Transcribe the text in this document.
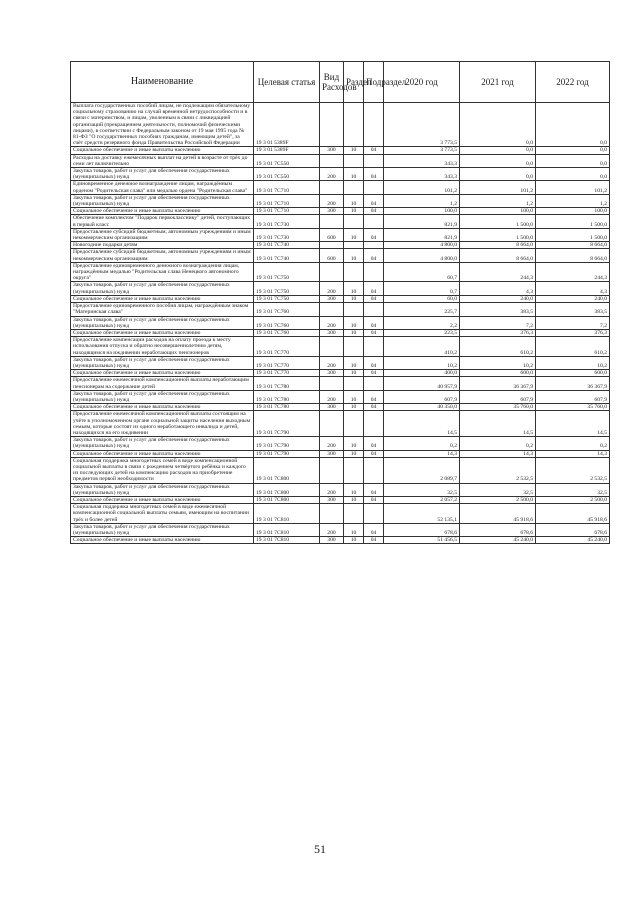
Наименование	Целевая статья	Вид Расходов	Раздел	Подраздел	2020 год	2021 год	2022 год
Выплата государственных пособий лицам, не подлежащим обязательному социальному страхованию на случай временной нетрудоспособности и в связи с материнством, и лицам, уволенным в связи с ликвидацией организаций (прекращением деятельности, полномочий физическими лицами), в соответствии с Федеральным законом от 19 мая 1995 года № 81-ФЗ "О государственных пособиях гражданам, имеющим детей", за счёт средств резервного фонда Правительства Российской Федерации	19 3 01 5389F				3 773,5	0,0	0,0
Социальное обеспечение и иные выплаты населению	19 3 01 5389F	300	10	04	3 773,5	0,0	0,0
Расходы на доставку ежемесячных выплат на детей в возрасте от трёх до семи лет включительно	19 3 01 7C550				343,3	0,0	0,0
Закупка товаров, работ и услуг для обеспечения государственных (муниципальных) нужд	19 3 01 7C550	200	10	04	343,3	0,0	0,0
Единовременное денежное вознаграждение лицам, награждённым орденом "Родительская слава" или медалью ордена "Родительская слава"	19 3 01 7C710				101,2	101,2	101,2
Закупка товаров, работ и услуг для обеспечения государственных (муниципальных) нужд	19 3 01 7C710	200	10	04	1,2	1,2	1,2
Социальное обеспечение и иные выплаты населению	19 3 01 7C710	300	10	04	100,0	100,0	100,0
Обеспечение комплектом "Подарок первокласснику" детей, поступающих в первый класс	19 3 01 7C730				821,9	1 500,0	1 500,0
Предоставление субсидий бюджетным, автономным учреждениям и иным некоммерческим организациям	19 3 01 7C730	600	10	04	821,9	1 500,0	1 500,0
Новогодние подарки детям	19 3 01 7C740				4 800,0	8 664,0	8 664,0
Предоставление субсидий бюджетным, автономным учреждениям и иным некоммерческим организациям	19 3 01 7C740	600	10	04	4 800,0	8 664,0	8 664,0
Предоставление единовременного денежного вознаграждения лицам, награждённым медалью "Родительская слава Ненецкого автономного округа"	19 3 01 7C750				60,7	244,3	244,3
Закупка товаров, работ и услуг для обеспечения государственных (муниципальных) нужд	19 3 01 7C750	200	10	04	0,7	4,3	4,3
Социальное обеспечение и иные выплаты населению	19 3 01 7C750	300	10	04	60,0	240,0	240,0
Предоставление единовременного пособия лицам, награждённым знаком "Материнская слава"	19 3 01 7C760				225,7	383,5	383,5
Закупка товаров, работ и услуг для обеспечения государственных (муниципальных) нужд	19 3 01 7C760	200	10	04	2,2	7,2	7,2
Социальное обеспечение и иные выплаты населению	19 3 01 7C760	300	10	04	223,5	376,3	376,3
Предоставление компенсации расходов на оплату проезда к месту использования отпуска и обратно несовершеннолетним детям, находящимся на иждивении неработающих пенсионеров	19 3 01 7C770				410,2	610,2	610,2
Закупка товаров, работ и услуг для обеспечения государственных (муниципальных) нужд	19 3 01 7C770	200	10	04	10,2	10,2	10,2
Социальное обеспечение и иные выплаты населению	19 3 01 7C770	300	10	04	400,0	600,0	600,0
Предоставление ежемесячной компенсационной выплаты неработающим пенсионерам на содержание детей	19 3 01 7C780				40 957,9	36 367,9	36 367,9
Закупка товаров, работ и услуг для обеспечения государственных (муниципальных) нужд	19 3 01 7C780	200	10	04	607,9	607,9	607,9
Социальное обеспечение и иные выплаты населению	19 3 01 7C780	300	10	04	40 350,0	35 760,0	35 760,0
Предоставление ежемесячной компенсационной выплаты состоящим на учёте в уполномоченном органе социальной защиты населения выходным семьям, которые состоят из одного неработающего инвалида и детей, находящихся на его иждивении	19 3 01 7C790				14,5	14,5	14,5
Закупка товаров, работ и услуг для обеспечения государственных (муниципальных) нужд	19 3 01 7C790	200	10	04	0,2	0,2	0,2
Социальное обеспечение и иные выплаты населению	19 3 01 7C790	300	10	04	14,3	14,3	14,3
Социальная поддержка многодетных семей в виде компенсационной социальной выплаты в связи с рождением четвёртого ребёнка и каждого из последующих детей на компенсацию расходов на приобретение предметов первой необходимости	19 3 01 7C800				2 089,7	2 532,5	2 532,5
Закупка товаров, работ и услуг для обеспечения государственных (муниципальных) нужд	19 3 01 7C800	200	10	04	32,5	32,5	32,5
Социальное обеспечение и иные выплаты населению	19 3 01 7C800	300	10	04	2 057,2	2 500,0	2 500,0
Социальная поддержка многодетных семей в виде ежемесячной компенсационной социальной выплаты семьям, имеющим на воспитании трёх и более детей	19 3 01 7C810				52 135,1	45 918,6	45 918,6
Закупка товаров, работ и услуг для обеспечения государственных (муниципальных) нужд	19 3 01 7C810	200	10	04	678,6	678,6	678,6
Социальное обеспечение и иные выплаты населению	19 3 01 7C810	300	10	04	51 456,5	45 240,0	45 240,0
51
